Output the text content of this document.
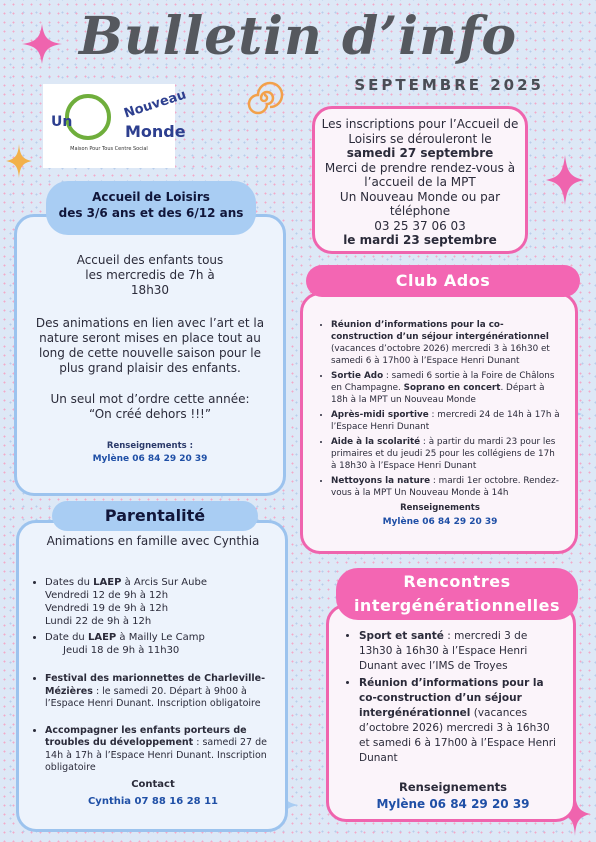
Bulletin d’info
SEPTEMBRE 2025
Un
Nouveau
Monde
Maison Pour Tous Centre Social
Les inscriptions pour l’Accueil de
Loisirs se dérouleront le
samedi 27 septembre
Merci de prendre rendez-vous à
l’accueil de la MPT
Un Nouveau Monde ou par
téléphone
03 25 37 06 03
le mardi 23 septembre
Accueil des enfants tous les mercredis de 7h à 18h30
Des animations en lien avec l’art et la nature seront mises en place tout au long de cette nouvelle saison pour le plus grand plaisir des enfants.
Un seul mot d’ordre cette année:
“On créé dehors !!!”
Renseignements :
Mylène 06 84 29 20 39
Accueil de Loisirs
des 3/6 ans et des 6/12 ans
Animations en famille avec Cynthia
• Dates du LAEP à Arcis Sur Aube
Vendredi 12 de 9h à 12h
Vendredi 19 de 9h à 12h
Lundi 22 de 9h à 12h
• Date du LAEP à Mailly Le Camp
Jeudi 18 de 9h à 11h30
• Festival des marionnettes de Charleville-Mézières : le samedi 20. Départ à 9h00 à l’Espace Henri Dunant. Inscription obligatoire
• Accompagner les enfants porteurs de troubles du développement : samedi 27 de 14h à 17h à l’Espace Henri Dunant. Inscription obligatoire
Contact
Cynthia 07 88 16 28 11
Parentalité
• Réunion d’informations pour la co-construction d’un séjour intergénérationnel (vacances d’octobre 2026) mercredi 3 à 16h30 et samedi 6 à 17h00 à l’Espace Henri Dunant
• Sortie Ado : samedi 6 sortie à la Foire de Châlons en Champagne. Soprano en concert. Départ à 18h à la MPT un Nouveau Monde
• Après-midi sportive : mercredi 24 de 14h à 17h à l’Espace Henri Dunant
• Aide à la scolarité : à partir du mardi 23 pour les primaires et du jeudi 25 pour les collégiens de 17h à 18h30 à l’Espace Henri Dunant
• Nettoyons la nature : mardi 1er octobre. Rendez-vous à la MPT Un Nouveau Monde à 14h
Renseignements
Mylène 06 84 29 20 39
Club Ados
• Sport et santé : mercredi 3 de 13h30 à 16h30 à l’Espace Henri Dunant avec l’IMS de Troyes
• Réunion d’informations pour la co-construction d’un séjour intergénérationnel (vacances d’octobre 2026) mercredi 3 à 16h30 et samedi 6 à 17h00 à l’Espace Henri Dunant
Renseignements
Mylène 06 84 29 20 39
Rencontres
intergénérationnelles
